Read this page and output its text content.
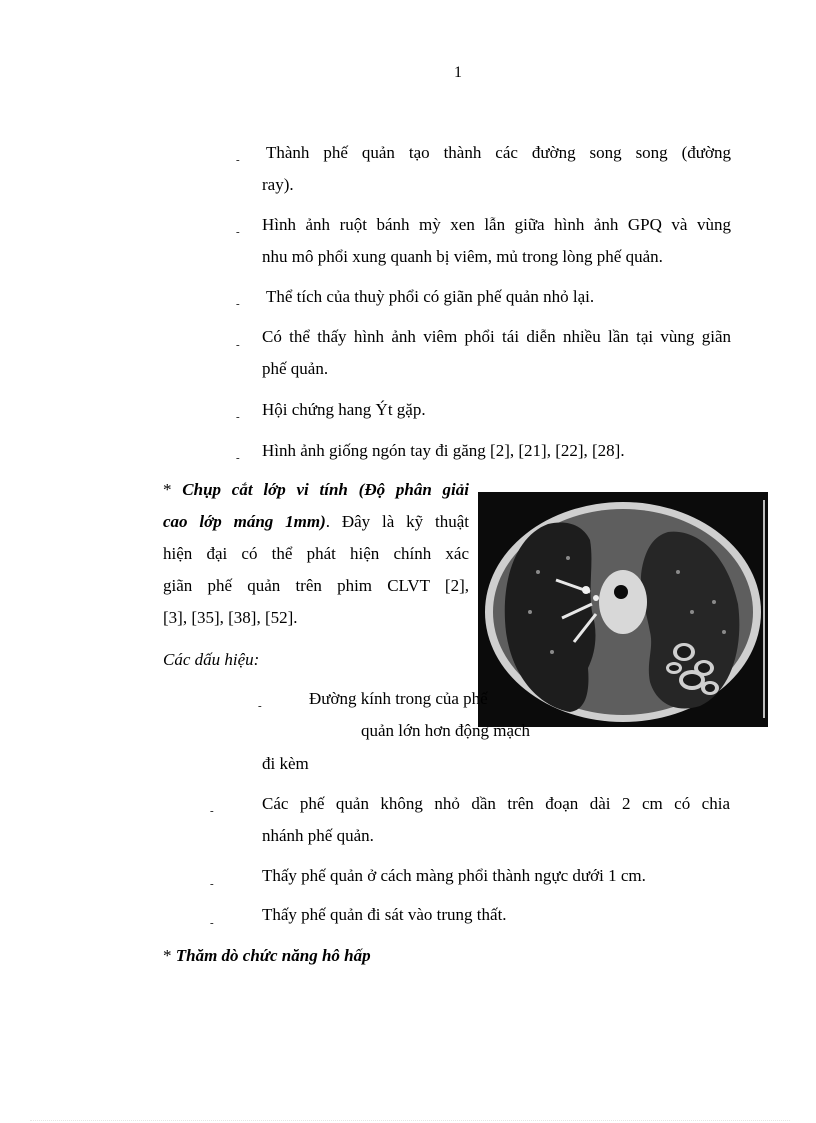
1
- Thành phế quản tạo thành các đường song song (đường
ray).
- Hình ảnh ruột bánh mỳ xen lẫn giữa hình ảnh GPQ và vùng
nhu mô phổi xung quanh bị viêm, mủ trong lòng phế quản.
- Thể tích của thuỳ phổi có giãn phế quản nhỏ lại.
- Có thể thấy hình ảnh viêm phổi tái diễn nhiều lần tại vùng giãn
phế quản.
- Hội chứng hang Ýt gặp.
- Hình ảnh giống ngón tay đi găng [2], [21], [22], [28].
* Chụp cắt lớp vi tính (Độ phân giải
cao lớp máng 1mm). Đây là kỹ thuật
hiện đại có thể phát hiện chính xác
giãn phế quản trên phim CLVT [2],
[3], [35], [38], [52].
Các dấu hiệu:
-	Đường kính trong của phế
quản lớn hơn động mạch
đi kèm
-	Các phế quản không nhỏ dần trên đoạn dài 2 cm có chia
nhánh phế quản.
-	Thấy phế quản ở cách màng phổi thành ngực dưới 1 cm.
-	Thấy phế quản đi sát vào trung thất.
* Thăm dò chức năng hô hấp
